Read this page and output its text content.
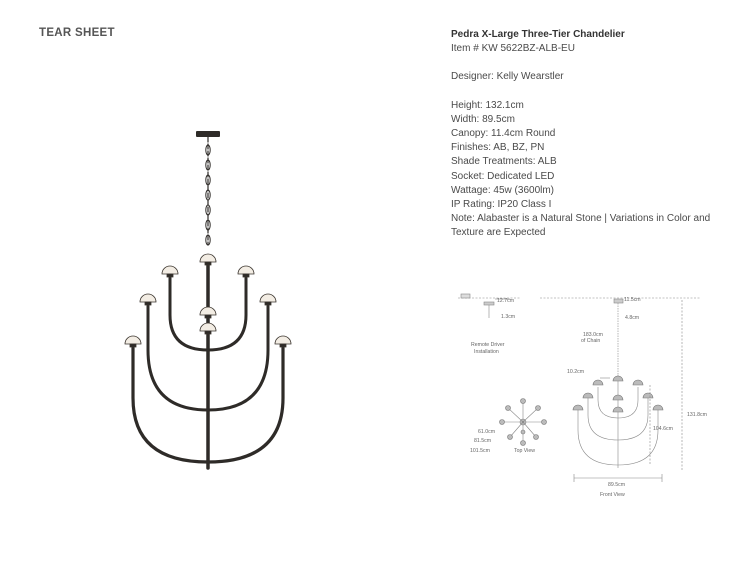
TEAR SHEET	Pedra X-Large Three-Tier Chandelier
Item # KW 5622BZ-ALB-EU
Designer: Kelly Wearstler
Height: 132.1cm
Width: 89.5cm
Canopy: 11.4cm Round
Finishes: AB, BZ, PN
Shade Treatments: ALB
Socket: Dedicated LED
Wattage: 45w (3600lm)
IP Rating: IP20 Class I
Note: Alabaster is a Natural Stone | Variations in Color and Texture are Expected
12.7cm
1.3cm
Remote Driver
Installation
11.5cm
4.8cm
183.0cm
of Chain
10.2cm
131.8cm
104.6cm
89.5cm
Front View
61.0cm
81.5cm
101.5cm	Top View
